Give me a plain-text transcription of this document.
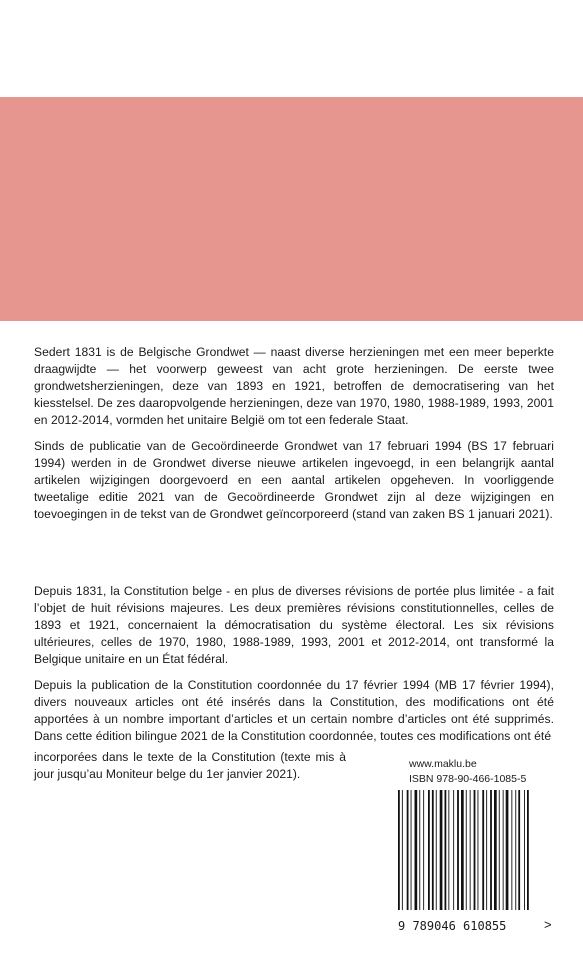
Sedert 1831 is de Belgische Grondwet — naast diverse herzieningen met een meer beperkte draagwijdte — het voorwerp geweest van acht grote herzieningen. De eerste twee grondwetsherzieningen, deze van 1893 en 1921, betroffen de democratisering van het kiesstelsel. De zes daaropvolgende herzieningen, deze van 1970, 1980, 1988-1989, 1993, 2001 en 2012-2014, vormden het unitaire België om tot een federale Staat.

Sinds de publicatie van de Gecoördineerde Grondwet van 17 februari 1994 (BS 17 februari 1994) werden in de Grondwet diverse nieuwe artikelen ingevoegd, in een belangrijk aantal artikelen wijzigingen doorgevoerd en een aantal artikelen opgeheven. In voorliggende tweetalige editie 2021 van de Gecoördineerde Grondwet zijn al deze wijzigingen en toevoegingen in de tekst van de Grondwet geïncorporeerd (stand van zaken BS 1 januari 2021).

Depuis 1831, la Constitution belge - en plus de diverses révisions de portée plus limitée - a fait l’objet de huit révisions majeures. Les deux premières révisions constitutionnelles, celles de 1893 et 1921, concernaient la démocratisation du système électoral. Les six révisions ultérieures, celles de 1970, 1980, 1988-1989, 1993, 2001 et 2012-2014, ont transformé la Belgique unitaire en un État fédéral.

Depuis la publication de la Constitution coordonnée du 17 février 1994 (MB 17 février 1994), divers nouveaux articles ont été insérés dans la Constitution, des modifications ont été apportées à un nombre important d’articles et un certain nombre d’articles ont été supprimés. Dans cette édition bilingue 2021 de la Constitution coordonnée, toutes ces modifications ont été

incorporées dans le texte de la Constitution (texte mis à jour jusqu’au Moniteur belge du 1er janvier 2021).
www.maklu.be
ISBN 978-90-466-1085-5
9 789046 610855	>
